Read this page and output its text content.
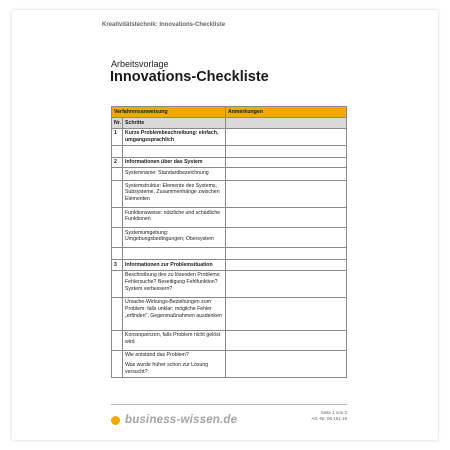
Kreativitätstechnik: Innovations-Checkliste
Arbeitsvorlage
Innovations-Checkliste
Verfahrensanweisung		Anmerkungen
Nr.	Schritte	
1	Kurze Problembeschreibung: einfach, umgangssprachlich	

2	Informationen über das System	
	Systemname: Standardbezeichnung	
	Systemstruktur: Elemente des Systems, Subsysteme, Zusammenhänge zwischen Elementen	
	Funktionsweise: nützliche und schädliche Funktionen	
	Systemumgebung: Umgebungsbedingungen; Obersystem	

3	Informationen zur Problemsituation	
	Beschreibung des zu lösenden Problems: Fehlersuche? Beseitigung Fehlfunktion? System verbessern?	
	Ursache-Wirkungs-Beziehungen zum Problem: falls unklar: mögliche Fehler „erfinden", Gegenmaßnahmen ausdenken	
	Konsequenzen, falls Problem nicht gelöst wird	

	Wie entstand das Problem?
Was wurde früher schon zur Lösung versucht?	

business-wissen.de
Seite 1 von 3
Art.-Nr. 06.161.19
